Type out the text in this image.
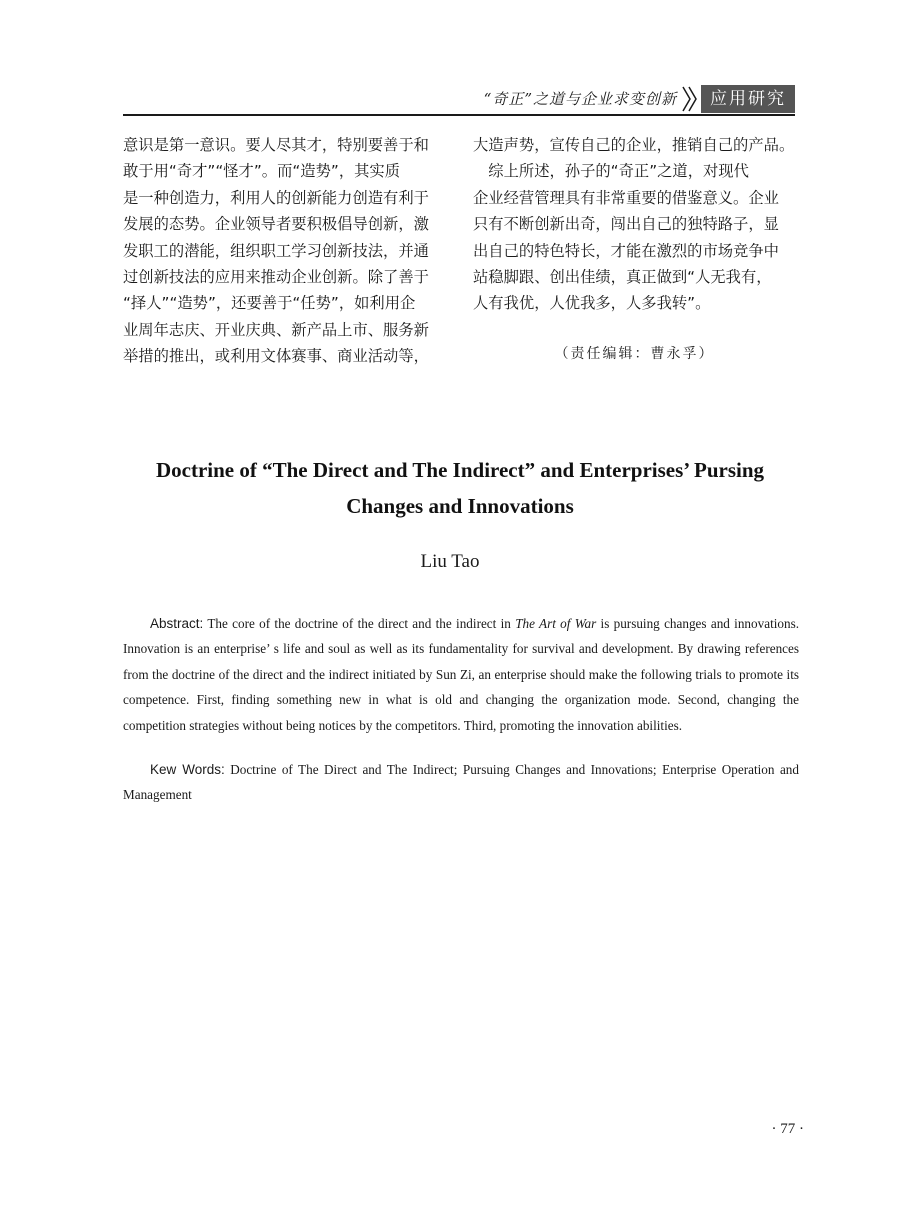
“奇正”之道与企业求变创新	应用研究

意识是第一意识。要人尽其才，特别要善于和

敢于用“奇才”“怪才”。而“造势”，其实质

是一种创造力，利用人的创新能力创造有利于

发展的态势。企业领导者要积极倡导创新，激

发职工的潜能，组织职工学习创新技法，并通

过创新技法的应用来推动企业创新。除了善于

“择人”“造势”，还要善于“任势”，如利用企

业周年志庆、开业庆典、新产品上市、服务新

举措的推出，或利用文体赛事、商业活动等，

大造声势，宣传自己的企业，推销自己的产品。

　综上所述，孙子的“奇正”之道，对现代

企业经营管理具有非常重要的借鉴意义。企业

只有不断创新出奇，闯出自己的独特路子，显

出自己的特色特长，才能在激烈的市场竞争中

站稳脚跟、创出佳绩，真正做到“人无我有，

人有我优，人优我多，人多我转”。

（责任编辑：曹永孚）
Doctrine of “The Direct and The Indirect” and Enterprises’ Pursing
Changes and Innovations
Liu Tao
Abstract: The core of the doctrine of the direct and the indirect in The Art of War is pursuing changes and innovations. Innovation is an enterprise’ s life and soul as well as its fundamentality for survival and development. By drawing references from the doctrine of the direct and the indirect initiated by Sun Zi, an enterprise should make the following trials to promote its competence. First, finding something new in what is old and changing the organization mode. Second, changing the competition strategies without being notices by the competitors. Third, promoting the innovation abilities.
Kew Words: Doctrine of The Direct and The Indirect; Pursuing Changes and Innovations; Enterprise Operation and Management
· 77 ·
